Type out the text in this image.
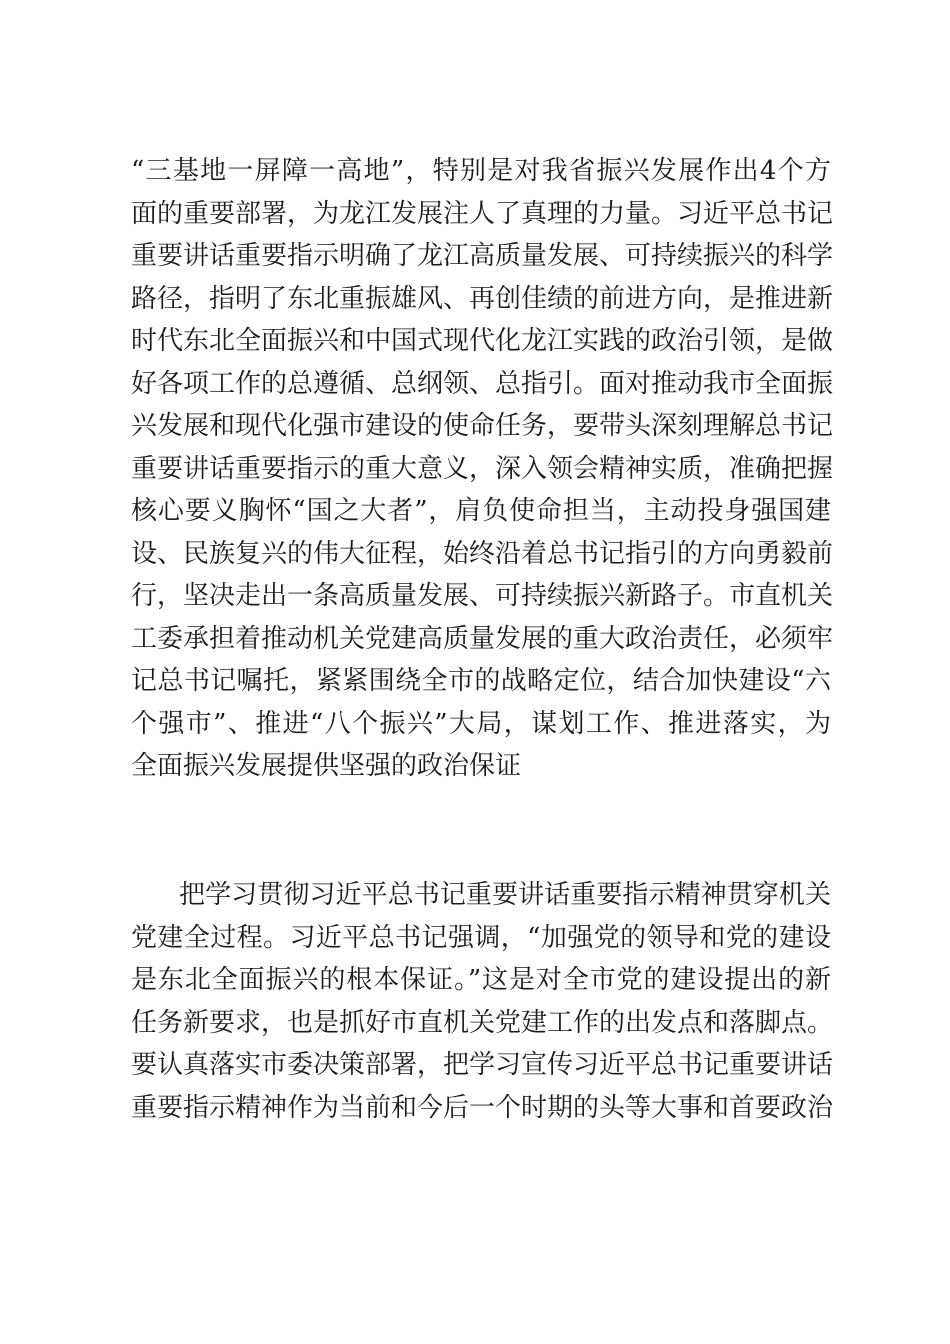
“三基地一屏障一高地”，特别是对我省振兴发展作出4个方
面的重要部署，为龙江发展注人了真理的力量。习近平总书记
重要讲话重要指示明确了龙江高质量发展、可持续振兴的科学
路径，指明了东北重振雄风、再创佳绩的前进方向，是推进新
时代东北全面振兴和中国式现代化龙江实践的政治引领，是做
好各项工作的总遵循、总纲领、总指引。面对推动我市全面振
兴发展和现代化强市建设的使命任务，要带头深刻理解总书记
重要讲话重要指示的重大意义，深入领会精神实质，准确把握
核心要义胸怀“国之大者”，肩负使命担当，主动投身强国建
设、民族复兴的伟大征程，始终沿着总书记指引的方向勇毅前
行，坚决走出一条高质量发展、可持续振兴新路子。市直机关
工委承担着推动机关党建高质量发展的重大政治责任，必须牢
记总书记嘱托，紧紧围绕全市的战略定位，结合加快建设“六
个强市”、推进“八个振兴”大局，谋划工作、推进落实，为
全面振兴发展提供坚强的政治保证
把学习贯彻习近平总书记重要讲话重要指示精神贯穿机关
党建全过程。习近平总书记强调，“加强党的领导和党的建设
是东北全面振兴的根本保证。”这是对全市党的建设提出的新
任务新要求，也是抓好市直机关党建工作的出发点和落脚点。
要认真落实市委决策部署，把学习宣传习近平总书记重要讲话
重要指示精神作为当前和今后一个时期的头等大事和首要政治
